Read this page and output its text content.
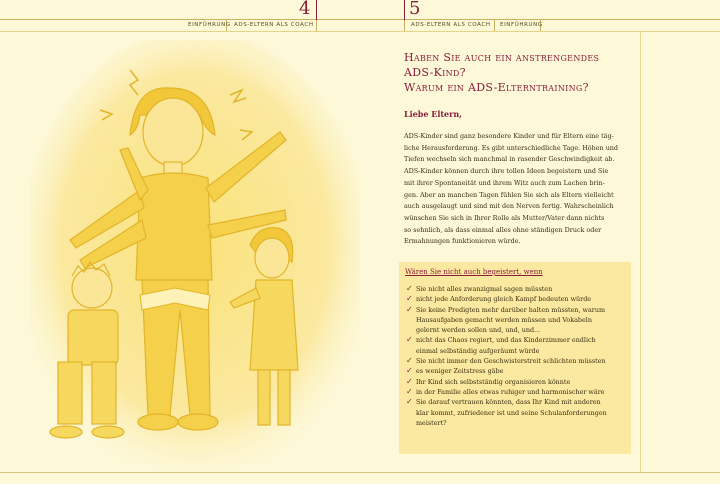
4	5
EINFÜHRUNG ADS-ELTERN ALS COACH	ADS-ELTERN ALS COACH EINFÜHRUNG
Haben Sie auch ein anstrengendes
ADS-Kind?
Warum ein ADS-Elterntraining?
Liebe Eltern,

ADS-Kinder sind ganz besondere Kinder und für Eltern eine täg-

liche Herausforderung. Es gibt unterschiedliche Tage. Höhen und

Tiefen wechseln sich manchmal in rasender Geschwindigkeit ab.

ADS-Kinder können durch ihre tollen Ideen begeistern und Sie

mit ihrer Spontaneität und ihrem Witz auch zum Lachen brin-

gen. Aber an manchen Tagen fühlen Sie sich als Eltern vielleicht

auch ausgelaugt und sind mit den Nerven fertig. Wahrscheinlich

wünschen Sie sich in Ihrer Rolle als Mutter/Vater dann nichts

so sehnlich, als dass einmal alles ohne ständigen Druck oder

Ermahnungen funktionieren würde.

Wären Sie nicht auch begeistert, wenn
✓ Sie nicht alles zwanzigmal sagen müssten
✓ nicht jede Anforderung gleich Kampf bedeuten würde
✓ Sie keine Predigten mehr darüber halten müssten, warum
Hausaufgaben gemacht werden müssen und Vokabeln
gelernt werden sollen und, und, und...
✓ nicht das Chaos regiert, und das Kinderzimmer endlich
einmal selbständig aufgeräumt würde
✓ Sie nicht immer den Geschwisterstreit schlichten müssten
✓ es weniger Zeitstress gäbe
✓ Ihr Kind sich selbstständig organisieren könnte
✓ in der Familie alles etwas ruhiger und harmonischer wäre
✓ Sie darauf vertrauen könnten, dass Ihr Kind mit anderen
klar kommt, zufriedener ist und seine Schulanforderungen
meistert?
